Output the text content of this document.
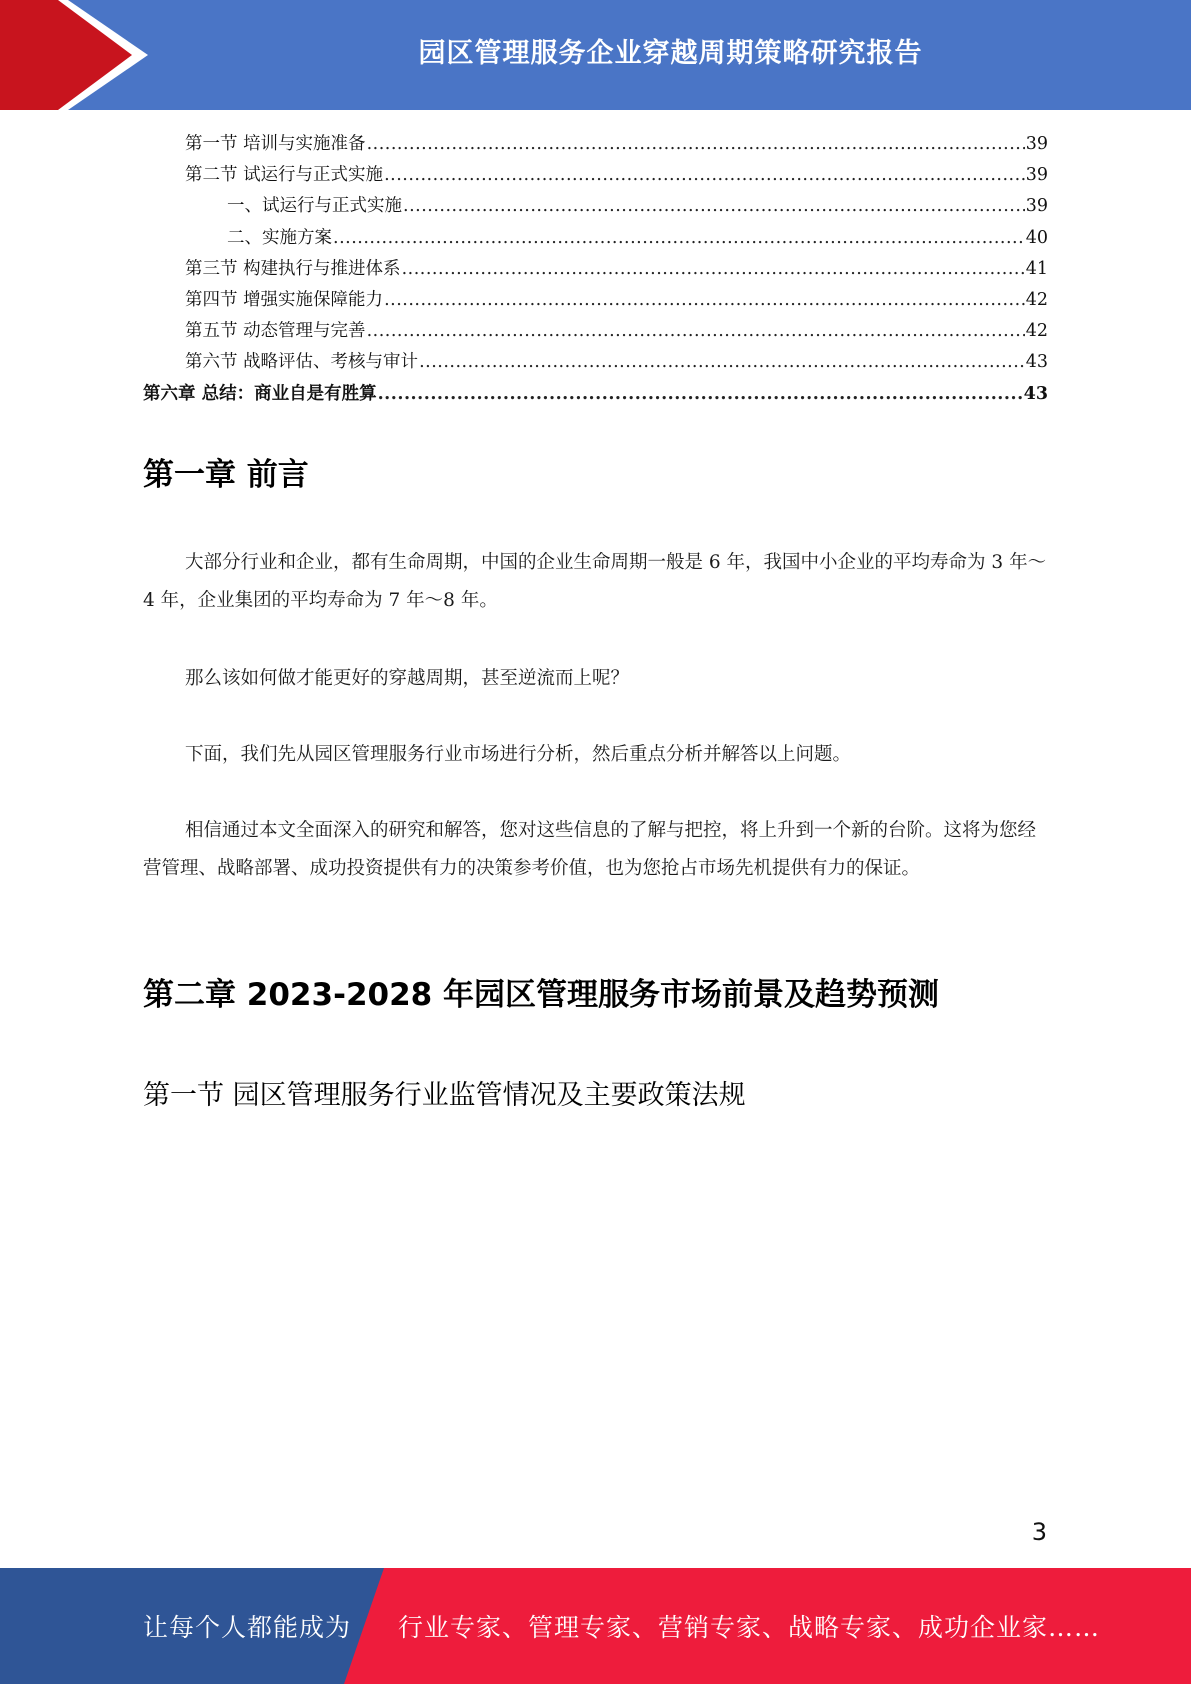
园区管理服务企业穿越周期策略研究报告
第一节 培训与实施准备 .....	39
第二节 试运行与正式实施 .....	39
一、试运行与正式实施 .....	39
二、实施方案 .....	40
第三节 构建执行与推进体系 .....	41
第四节 增强实施保障能力 .....	42
第五节 动态管理与完善 .....	42
第六节 战略评估、考核与审计 .....	43
第六章 总结：商业自是有胜算 .....	43
第一章 前言

大部分行业和企业，都有生命周期，中国的企业生命周期一般是 6 年，我国中小企业的平均寿命为 3 年～4 年，企业集团的平均寿命为 7 年～8 年。

那么该如何做才能更好的穿越周期，甚至逆流而上呢？

下面，我们先从园区管理服务行业市场进行分析，然后重点分析并解答以上问题。

相信通过本文全面深入的研究和解答，您对这些信息的了解与把控，将上升到一个新的台阶。这将为您经营管理、战略部署、成功投资提供有力的决策参考价值，也为您抢占市场先机提供有力的保证。

第二章 2023-2028 年园区管理服务市场前景及趋势预测
第一节 园区管理服务行业监管情况及主要政策法规
3
让每个人都能成为 行业专家、管理专家、营销专家、战略专家、成功企业家……
